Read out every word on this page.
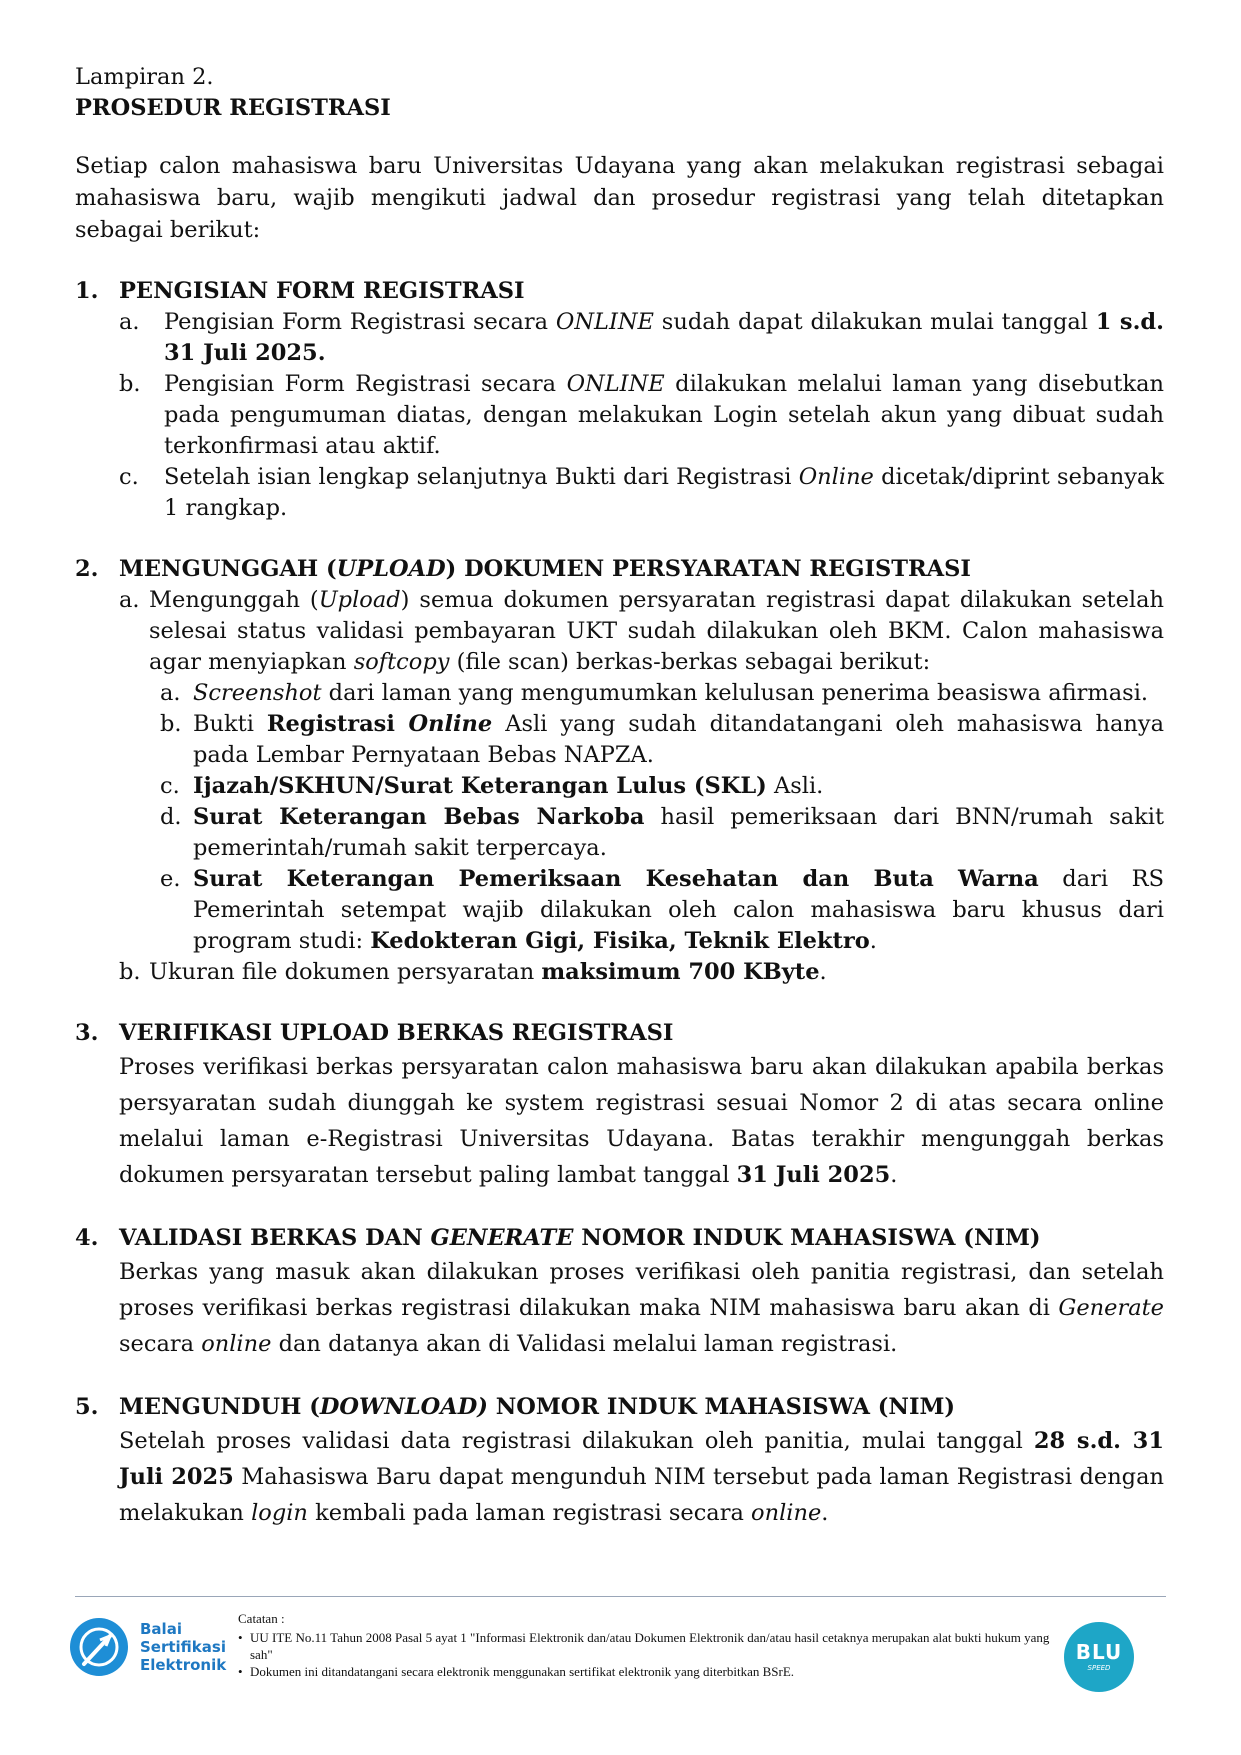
Lampiran 2.

PROSEDUR REGISTRASI

Setiap calon mahasiswa baru Universitas Udayana yang akan melakukan registrasi sebagai mahasiswa baru, wajib mengikuti jadwal dan prosedur registrasi yang telah ditetapkan sebagai berikut:

1. PENGISIAN FORM REGISTRASI
a. Pengisian Form Registrasi secara ONLINE sudah dapat dilakukan mulai tanggal 1 s.d. 31 Juli 2025.
b. Pengisian Form Registrasi secara ONLINE dilakukan melalui laman yang disebutkan pada pengumuman diatas, dengan melakukan Login setelah akun yang dibuat sudah terkonfirmasi atau aktif.
c. Setelah isian lengkap selanjutnya Bukti dari Registrasi Online dicetak/diprint sebanyak 1 rangkap.
2. MENGUNGGAH (UPLOAD) DOKUMEN PERSYARATAN REGISTRASI
a. Mengunggah (Upload) semua dokumen persyaratan registrasi dapat dilakukan setelah selesai status validasi pembayaran UKT sudah dilakukan oleh BKM. Calon mahasiswa agar menyiapkan softcopy (file scan) berkas-berkas sebagai berikut:
a. Screenshot dari laman yang mengumumkan kelulusan penerima beasiswa afirmasi.
b. Bukti Registrasi Online Asli yang sudah ditandatangani oleh mahasiswa hanya pada Lembar Pernyataan Bebas NAPZA.
c. Ijazah/SKHUN/Surat Keterangan Lulus (SKL) Asli.
d. Surat Keterangan Bebas Narkoba hasil pemeriksaan dari BNN/rumah sakit pemerintah/rumah sakit terpercaya.
e. Surat Keterangan Pemeriksaan Kesehatan dan Buta Warna dari RS Pemerintah setempat wajib dilakukan oleh calon mahasiswa baru khusus dari program studi: Kedokteran Gigi, Fisika, Teknik Elektro.
b. Ukuran file dokumen persyaratan maksimum 700 KByte.
3. VERIFIKASI UPLOAD BERKAS REGISTRASI
Proses verifikasi berkas persyaratan calon mahasiswa baru akan dilakukan apabila berkas persyaratan sudah diunggah ke system registrasi sesuai Nomor 2 di atas secara online melalui laman e-Registrasi Universitas Udayana. Batas terakhir mengunggah berkas dokumen persyaratan tersebut paling lambat tanggal 31 Juli 2025.
4. VALIDASI BERKAS DAN GENERATE NOMOR INDUK MAHASISWA (NIM)
Berkas yang masuk akan dilakukan proses verifikasi oleh panitia registrasi, dan setelah proses verifikasi berkas registrasi dilakukan maka NIM mahasiswa baru akan di Generate secara online dan datanya akan di Validasi melalui laman registrasi.
5. MENGUNDUH (DOWNLOAD) NOMOR INDUK MAHASISWA (NIM)
Setelah proses validasi data registrasi dilakukan oleh panitia, mulai tanggal 28 s.d. 31 Juli 2025 Mahasiswa Baru dapat mengunduh NIM tersebut pada laman Registrasi dengan melakukan login kembali pada laman registrasi secara online.
Balai
Sertifikasi
Elektronik
Catatan :
• UU ITE No.11 Tahun 2008 Pasal 5 ayat 1 "Informasi Elektronik dan/atau Dokumen Elektronik dan/atau hasil cetaknya merupakan alat bukti hukum yang sah"
• Dokumen ini ditandatangani secara elektronik menggunakan sertifikat elektronik yang diterbitkan BSrE.
BLU
SPEED
